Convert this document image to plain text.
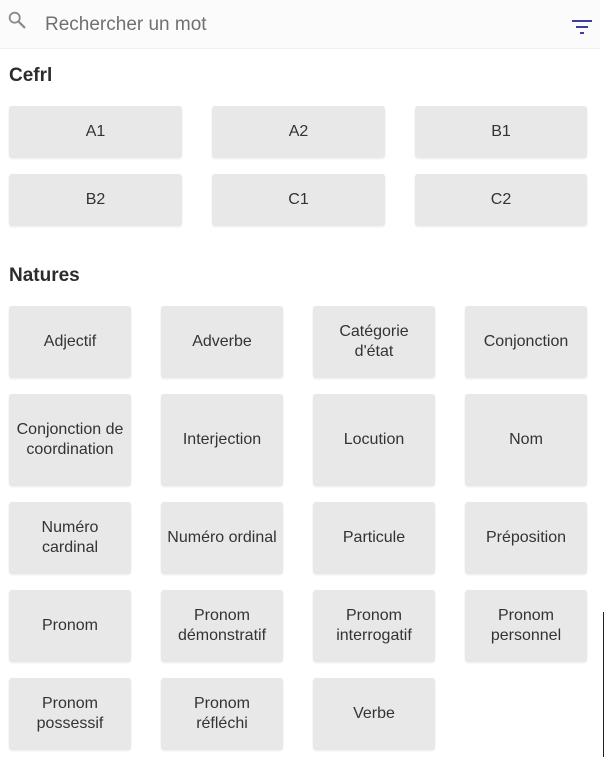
Rechercher un mot
Cefrl
A1	A2	B1
B2	C1	C2
Natures
Adjectif	Adverbe
Catégorie d'état
Conjonction
Conjonction de coordination
Interjection	Locution	Nom
Numéro cardinal
Numéro ordinal	Particule	Préposition
Pronom
Pronom démonstratif
Pronom interrogatif
Pronom personnel
Pronom possessif
Pronom réfléchi
Verbe
